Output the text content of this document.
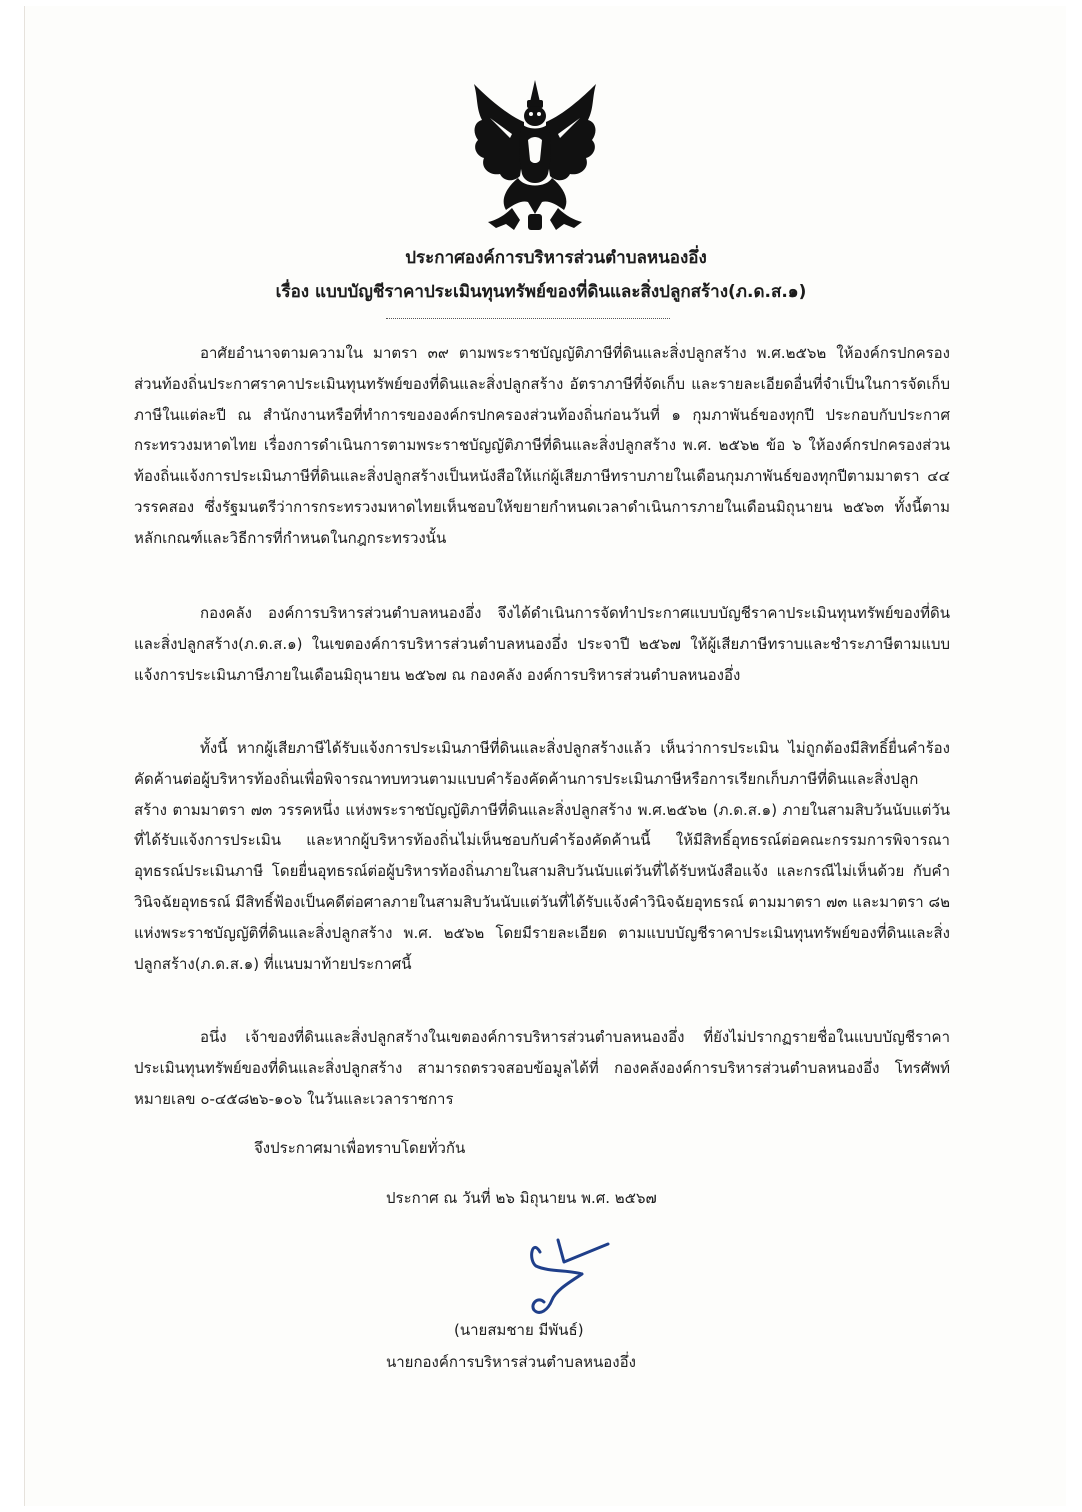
ประกาศองค์การบริหารส่วนตำบลหนองอึ่ง
เรื่อง แบบบัญชีราคาประเมินทุนทรัพย์ของที่ดินและสิ่งปลูกสร้าง(ภ.ด.ส.๑)

อาศัยอำนาจตามความใน มาตรา ๓๙ ตามพระราชบัญญัติภาษีที่ดินและสิ่งปลูกสร้าง พ.ศ.๒๕๖๒ ให้องค์กรปกครองส่วนท้องถิ่นประกาศราคาประเมินทุนทรัพย์ของที่ดินและสิ่งปลูกสร้าง อัตราภาษีที่จัดเก็บ และรายละเอียดอื่นที่จำเป็นในการจัดเก็บภาษีในแต่ละปี ณ สำนักงานหรือที่ทำการขององค์กรปกครองส่วนท้องถิ่นก่อนวันที่ ๑ กุมภาพันธ์ของทุกปี ประกอบกับประกาศกระทรวงมหาดไทย เรื่องการดำเนินการตามพระราชบัญญัติภาษีที่ดินและสิ่งปลูกสร้าง พ.ศ. ๒๕๖๒ ข้อ ๖ ให้องค์กรปกครองส่วนท้องถิ่นแจ้งการประเมินภาษีที่ดินและสิ่งปลูกสร้างเป็นหนังสือให้แก่ผู้เสียภาษีทราบภายในเดือนกุมภาพันธ์ของทุกปีตามมาตรา ๔๔ วรรคสอง ซึ่งรัฐมนตรีว่าการกระทรวงมหาดไทยเห็นชอบให้ขยายกำหนดเวลาดำเนินการภายในเดือนมิถุนายน ๒๕๖๓ ทั้งนี้ตามหลักเกณฑ์และวิธีการที่กำหนดในกฎกระทรวงนั้น

กองคลัง องค์การบริหารส่วนตำบลหนองอึ่ง จึงได้ดำเนินการจัดทำประกาศแบบบัญชีราคาประเมินทุนทรัพย์ของที่ดินและสิ่งปลูกสร้าง(ภ.ด.ส.๑) ในเขตองค์การบริหารส่วนตำบลหนองอึ่ง ประจาปี ๒๕๖๗ ให้ผู้เสียภาษีทราบและชำระภาษีตามแบบแจ้งการประเมินภาษีภายในเดือนมิถุนายน ๒๕๖๗ ณ กองคลัง องค์การบริหารส่วนตำบลหนองอึ่ง

ทั้งนี้ หากผู้เสียภาษีได้รับแจ้งการประเมินภาษีที่ดินและสิ่งปลูกสร้างแล้ว เห็นว่าการประเมิน ไม่ถูกต้องมีสิทธิ์ยื่นคำร้องคัดค้านต่อผู้บริหารท้องถิ่นเพื่อพิจารณาทบทวนตามแบบคำร้องคัดค้านการประเมินภาษีหรือการเรียกเก็บภาษีที่ดินและสิ่งปลูกสร้าง ตามมาตรา ๗๓ วรรคหนึ่ง แห่งพระราชบัญญัติภาษีที่ดินและสิ่งปลูกสร้าง พ.ศ.๒๕๖๒ (ภ.ด.ส.๑) ภายในสามสิบวันนับแต่วันที่ได้รับแจ้งการประเมิน และหากผู้บริหารท้องถิ่นไม่เห็นชอบกับคำร้องคัดค้านนี้ ให้มีสิทธิ์อุทธรณ์ต่อคณะกรรมการพิจารณาอุทธรณ์ประเมินภาษี โดยยื่นอุทธรณ์ต่อผู้บริหารท้องถิ่นภายในสามสิบวันนับแต่วันที่ได้รับหนังสือแจ้ง และกรณีไม่เห็นด้วย กับคำวินิจฉัยอุทธรณ์ มีสิทธิ์ฟ้องเป็นคดีต่อศาลภายในสามสิบวันนับแต่วันที่ได้รับแจ้งคำวินิจฉัยอุทธรณ์ ตามมาตรา ๗๓ และมาตรา ๘๒ แห่งพระราชบัญญัติที่ดินและสิ่งปลูกสร้าง พ.ศ. ๒๕๖๒ โดยมีรายละเอียด ตามแบบบัญชีราคาประเมินทุนทรัพย์ของที่ดินและสิ่งปลูกสร้าง(ภ.ด.ส.๑) ที่แนบมาท้ายประกาศนี้

อนึ่ง เจ้าของที่ดินและสิ่งปลูกสร้างในเขตองค์การบริหารส่วนตำบลหนองอึ่ง ที่ยังไม่ปรากฏรายชื่อในแบบบัญชีราคาประเมินทุนทรัพย์ของที่ดินและสิ่งปลูกสร้าง สามารถตรวจสอบข้อมูลได้ที่ กองคลังองค์การบริหารส่วนตำบลหนองอึ่ง โทรศัพท์หมายเลข ๐-๔๕๘๒๖-๑๐๖ ในวันและเวลาราชการ

จึงประกาศมาเพื่อทราบโดยทั่วกัน
ประกาศ ณ วันที่ ๒๖ มิถุนายน พ.ศ. ๒๕๖๗
(นายสมชาย มีพันธ์)
นายกองค์การบริหารส่วนตำบลหนองอึ่ง
